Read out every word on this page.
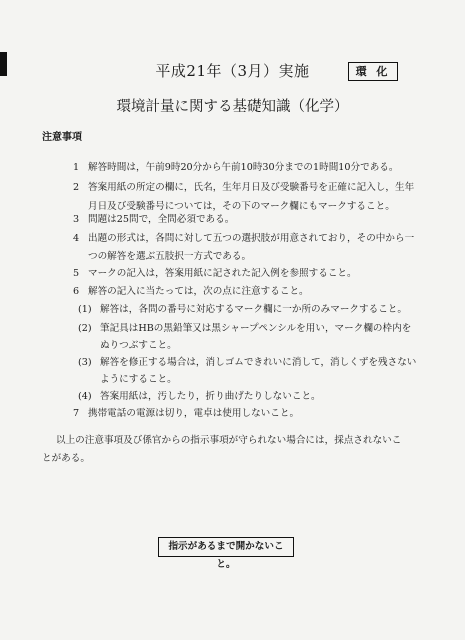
平成21年（3月）実施	環 化
環境計量に関する基礎知識（化学）
注意事項
1 解答時間は，午前9時20分から午前10時30分までの1時間10分である。
2 答案用紙の所定の欄に，氏名，生年月日及び受験番号を正確に記入し，生年
月日及び受験番号については，その下のマーク欄にもマークすること。
3 問題は25問で，全問必須である。
4 出題の形式は，各問に対して五つの選択肢が用意されており，その中から一
つの解答を選ぶ五肢択一方式である。
5 マークの記入は，答案用紙に記された記入例を参照すること。
6 解答の記入に当たっては，次の点に注意すること。
(1) 解答は，各問の番号に対応するマーク欄に一か所のみマークすること。
(2) 筆記具はHBの黒鉛筆又は黒シャープペンシルを用い，マーク欄の枠内を
ぬりつぶすこと。
(3) 解答を修正する場合は，消しゴムできれいに消して，消しくずを残さない
ようにすること。
(4) 答案用紙は，汚したり，折り曲げたりしないこと。
7 携帯電話の電源は切り，電卓は使用しないこと。
以上の注意事項及び係官からの指示事項が守られない場合には，採点されないこ
とがある。
指示があるまで開かないこと。
